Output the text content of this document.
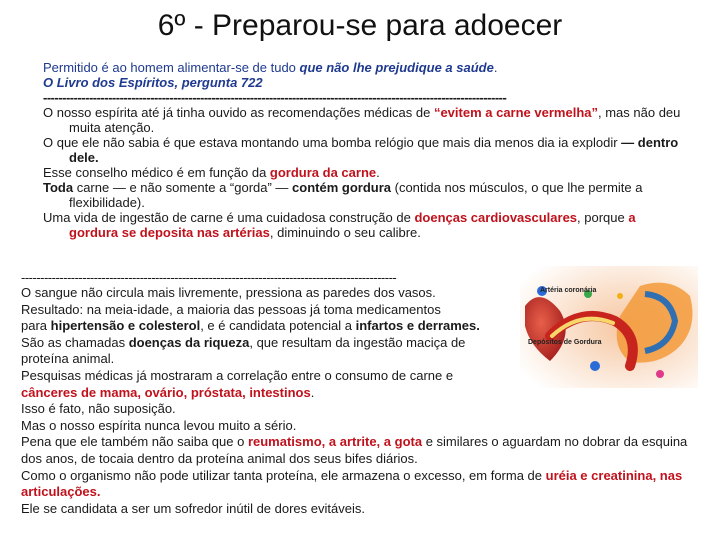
6º - Preparou-se para adoecer

Permitido é ao homem alimentar-se de tudo que não lhe prejudique a saúde.

O Livro dos Espíritos, pergunta 722

-------------------------------------------------------------------------------------------------------------------------

O nosso espírita até já tinha ouvido as recomendações médicas de “evitem a carne vermelha”, mas não deu muita atenção.

O que ele não sabia é que estava montando uma bomba relógio que mais dia menos dia ia explodir — dentro dele.

Esse conselho médico é em função da gordura da carne.

Toda carne — e não somente a “gorda” — contém gordura (contida nos músculos, o que lhe permite a flexibilidade).

Uma vida de ingestão de carne é uma cuidadosa construção de doenças cardiovasculares, porque a gordura se deposita nas artérias, diminuindo o seu calibre.

--------------------------------------------------------------------------------------------------

O sangue não circula mais livremente, pressiona as paredes dos vasos.

Resultado: na meia-idade, a maioria das pessoas já toma medicamentos
para hipertensão e colesterol, e é candidata potencial a infartos e derrames.

São as chamadas doenças da riqueza, que resultam da ingestão maciça de proteína animal.

Pesquisas médicas já mostraram a correlação entre o consumo de carne e cânceres de mama, ovário, próstata, intestinos.

Isso é fato, não suposição.

Mas o nosso espírita nunca levou muito a sério.

Pena que ele também não saiba que o reumatismo, a artrite, a gota e similares o aguardam no dobrar da esquina dos anos, de tocaia dentro da proteína animal dos seus bifes diários.

Como o organismo não pode utilizar tanta proteína, ele armazena o excesso, em forma de uréia e creatinina, nas articulações.

Ele se candidata a ser um sofredor inútil de dores evitáveis.

Artéria coronária
Depósitos de Gordura
